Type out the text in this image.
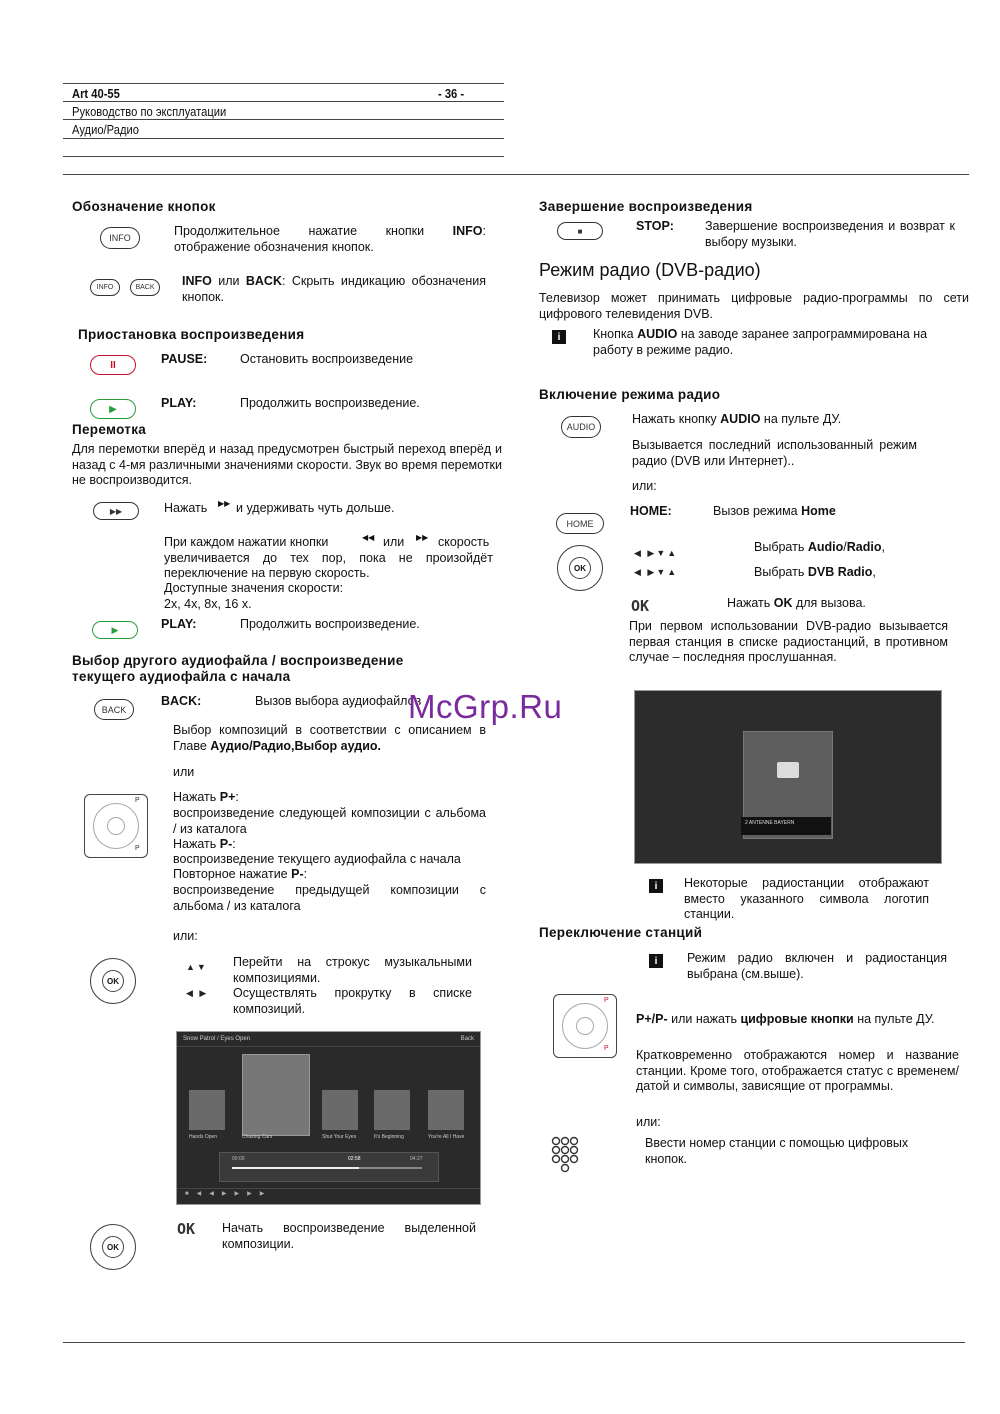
Art 40-55	- 36 -
Руководство по эксплуатации
Аудио/Радио
Обозначение кнопок
INFO	Продолжительное нажатие кнопки INFO: отображение обозначения кнопок.
INFO	BACK INFO или BACK: Скрыть индикацию обозначения кнопок.
Приостановка воспроизведения
II	PAUSE:	Остановить воспроизведение
▶	PLAY:	Продолжить воспроизведение.
Перемотка
Для перемотки вперёд и назад предусмотрен быстрый переход вперёд и назад с 4-мя различными значениями скорости. Звук во время перемотки не воспроизводится.
▶▶	Нажать ▶▶ и удерживать чуть дольше.
При каждом нажатии кнопки	◀◀ или ▶▶ скорость увеличивается до тех пор, пока не произойдёт переключение на первую скорость.
Доступные значения скорости:
2x, 4x, 8x, 16 x.
▶	PLAY:	Продолжить воспроизведение.
Выбор другого аудиофайла / воспроизведение
текущего аудиофайла с начала
BACK
BACK:	Вызов выбора аудиофайлов
Выбор композиций в соответствии с описанием в Главе Аудио/Радио,Выбор аудио.
или
P
P
Нажать P+:
воспроизведение следующей композиции с альбома / из каталога
Нажать P-:
воспроизведение текущего аудиофайла с начала
Повторное нажатие P-:
воспроизведение предыдущей композиции с альбома / из каталога
или:
OK
▲▼ Перейти на строкус музыкальными композициями.
◀ ▶ Осуществлять прокрутку в списке композиций.
Snow Patrol / Eyes Open	Back
Hands Open	Chasing Cars	Shut Your Eyes	It's Beginning	You're All I Have
00:00	02:58	04:27
■◀◀▶▶▶▶
OK Начать воспроизведение выделенной композиции.
OK
Завершение воспроизведения
■	STOP: Завершение воспроизведения и возврат к выбору музыки.
Режим радио (DVB-радио)
Телевизор может принимать цифровые радио-программы по сети цифрового телевидения DVB.
i	Кнопка AUDIO на заводе заранее запрограммирована на работу в режиме радио.
Включение режима радио
AUDIO
Нажать кнопку AUDIO на пульте ДУ.
Вызывается последний использованный режим радио (DVB или Интернет)..
или:
HOME
HOME:	Вызов режима Home
OK
◀ ▶▼▲	Выбрать Audio/Radio,
◀ ▶▼▲	Выбрать DVB Radio,
OK	Нажать OK для вызова.
При первом использовании DVB-радио вызывается первая станция в списке радиостанций, в противном случае – последняя прослушанная.
2 ANTENNE BAYERN
i	Некоторые радиостанции отображают вместо указанного символа логотип станции.
Переключение станций
i	Режим радио включен и радиостанция выбрана (см.выше).
P
P
P+/P- или нажать цифровые кнопки на пульте ДУ.
Кратковременно отображаются номер и название станции. Кроме того, отображается статус с временем/датой и символы, зависящие от программы.
или:
Ввести номер станции с помощью цифровых кнопок.
McGrp.Ru
